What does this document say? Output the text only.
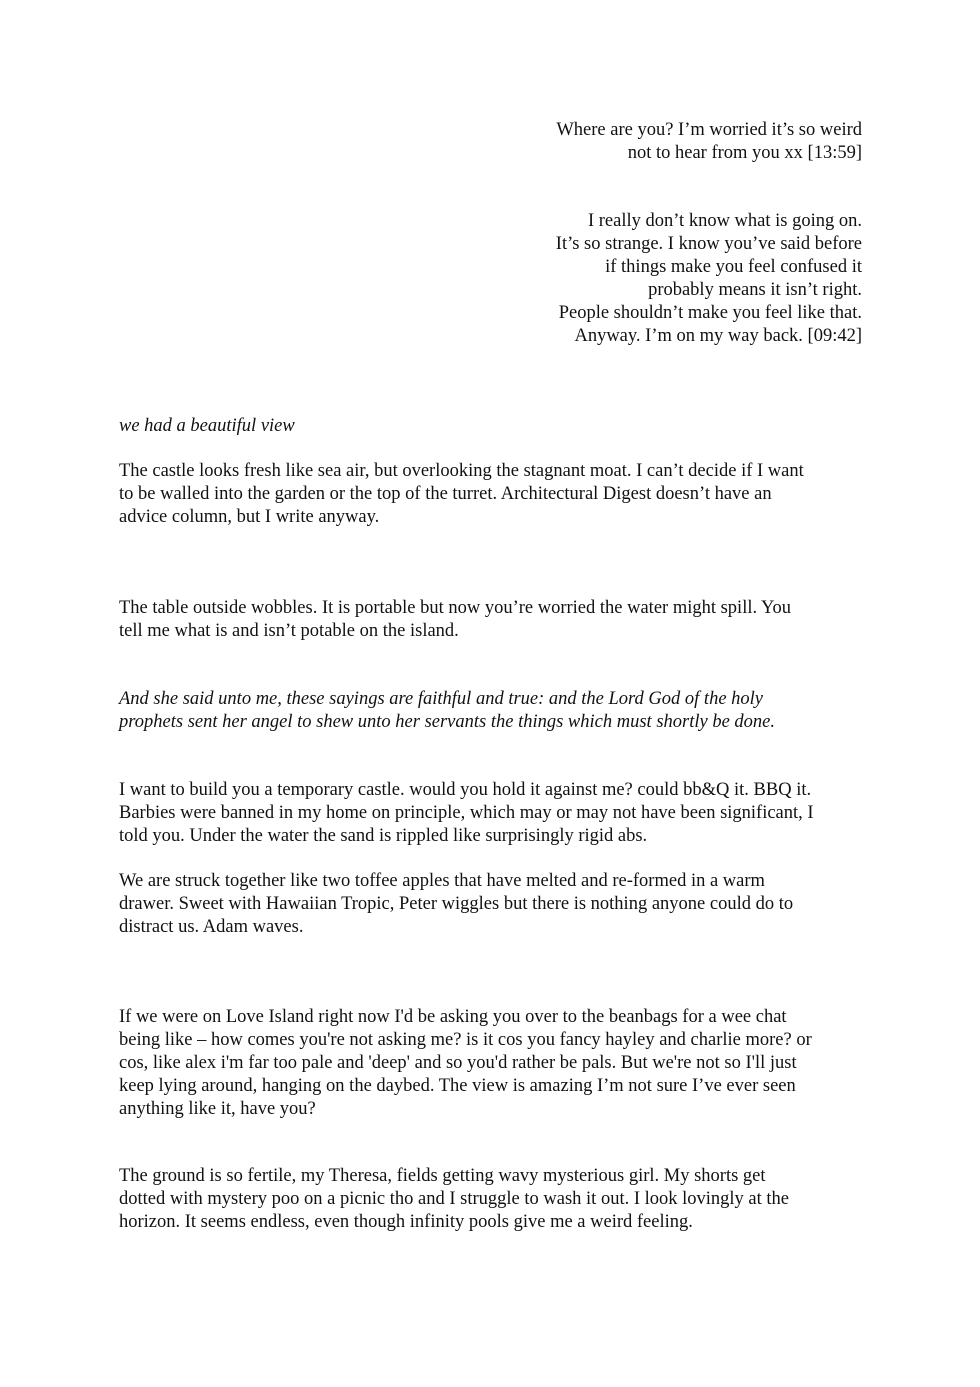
Where are you? I’m worried it’s so weird
not to hear from you xx [13:59]
I really don’t know what is going on.
It’s so strange. I know you’ve said before
if things make you feel confused it
probably means it isn’t right.
People shouldn’t make you feel like that.
Anyway. I’m on my way back. [09:42]
we had a beautiful view
The castle looks fresh like sea air, but overlooking the stagnant moat. I can’t decide if I want
to be walled into the garden or the top of the turret. Architectural Digest doesn’t have an
advice column, but I write anyway.
The table outside wobbles. It is portable but now you’re worried the water might spill. You
tell me what is and isn’t potable on the island.
And she said unto me, these sayings are faithful and true: and the Lord God of the holy
prophets sent her angel to shew unto her servants the things which must shortly be done.
I want to build you a temporary castle. would you hold it against me? could bb&Q it. BBQ it.
Barbies were banned in my home on principle, which may or may not have been significant, I
told you. Under the water the sand is rippled like surprisingly rigid abs.
We are struck together like two toffee apples that have melted and re-formed in a warm
drawer. Sweet with Hawaiian Tropic, Peter wiggles but there is nothing anyone could do to
distract us. Adam waves.
If we were on Love Island right now I'd be asking you over to the beanbags for a wee chat
being like – how comes you're not asking me? is it cos you fancy hayley and charlie more? or
cos, like alex i'm far too pale and 'deep' and so you'd rather be pals. But we're not so I'll just
keep lying around, hanging on the daybed. The view is amazing I’m not sure I’ve ever seen
anything like it, have you?
The ground is so fertile, my Theresa, fields getting wavy mysterious girl. My shorts get
dotted with mystery poo on a picnic tho and I struggle to wash it out. I look lovingly at the
horizon. It seems endless, even though infinity pools give me a weird feeling.
